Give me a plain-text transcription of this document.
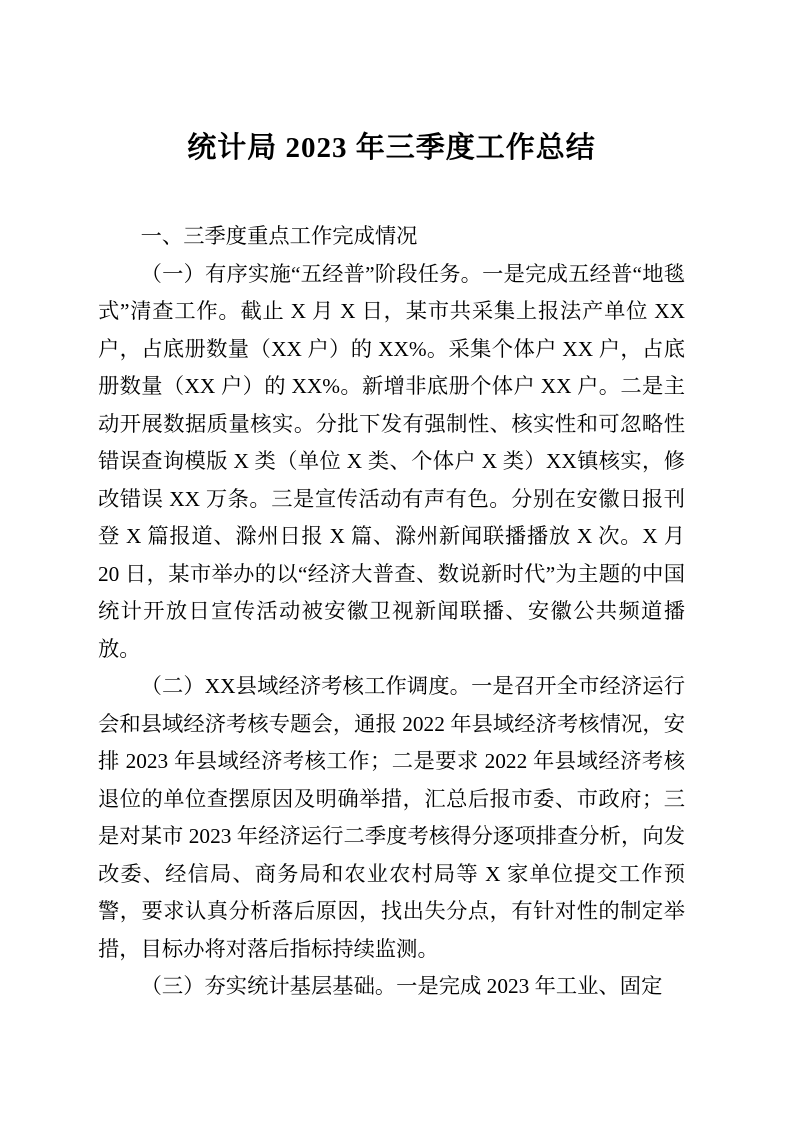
统计局 2023 年三季度工作总结
一、三季度重点工作完成情况

（一）有序实施“五经普”阶段任务。一是完成五经普“地毯式”清查工作。截止 X 月 X 日，某市共采集上报法产单位 XX 户，占底册数量（XX 户）的 XX%。采集个体户 XX 户，占底册数量（XX 户）的 XX%。新增非底册个体户 XX 户。二是主动开展数据质量核实。分批下发有强制性、核实性和可忽略性错误查询模版 X 类（单位 X 类、个体户 X 类）XX镇核实，修改错误 XX 万条。三是宣传活动有声有色。分别在安徽日报刊登 X 篇报道、滁州日报 X 篇、滁州新闻联播播放 X 次。X 月 20 日，某市举办的以“经济大普查、数说新时代”为主题的中国统计开放日宣传活动被安徽卫视新闻联播、安徽公共频道播放。

（二）XX县域经济考核工作调度。一是召开全市经济运行会和县域经济考核专题会，通报 2022 年县域经济考核情况，安排 2023 年县域经济考核工作；二是要求 2022 年县域经济考核退位的单位查摆原因及明确举措，汇总后报市委、市政府；三是对某市 2023 年经济运行二季度考核得分逐项排查分析，向发改委、经信局、商务局和农业农村局等 X 家单位提交工作预警，要求认真分析落后原因，找出失分点，有针对性的制定举措，目标办将对落后指标持续监测。

（三）夯实统计基层基础。一是完成 2023 年工业、固定
